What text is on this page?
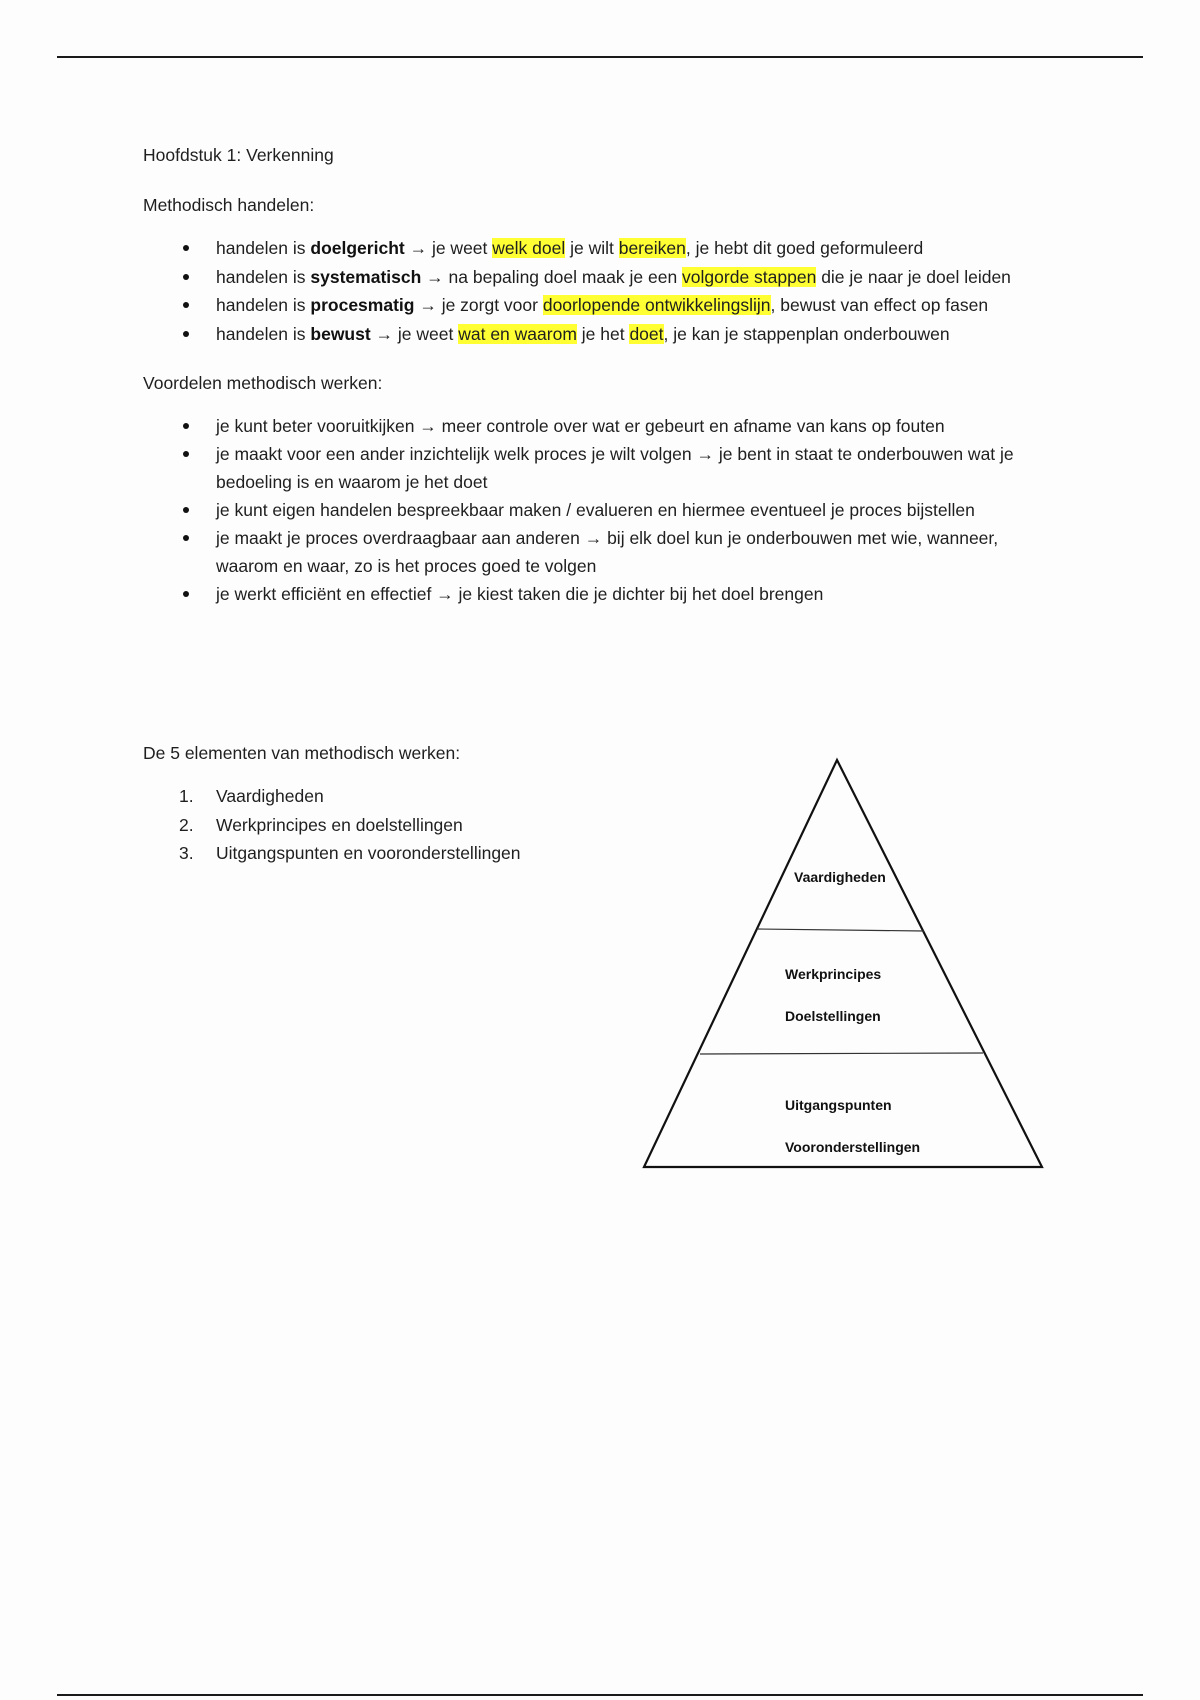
Hoofdstuk 1: Verkenning

Methodisch handelen:

handelen is doelgericht → je weet welk doel je wilt bereiken, je hebt dit goed geformuleerd
handelen is systematisch → na bepaling doel maak je een volgorde stappen die je naar je doel leiden
handelen is procesmatig → je zorgt voor doorlopende ontwikkelingslijn, bewust van effect op fasen
handelen is bewust → je weet wat en waarom je het doet, je kan je stappenplan onderbouwen

Voordelen methodisch werken:

je kunt beter vooruitkijken → meer controle over wat er gebeurt en afname van kans op fouten
je maakt voor een ander inzichtelijk welk proces je wilt volgen → je bent in staat te onderbouwen wat je bedoeling is en waarom je het doet
je kunt eigen handelen bespreekbaar maken / evalueren en hiermee eventueel je proces bijstellen
je maakt je proces overdraagbaar aan anderen → bij elk doel kun je onderbouwen met wie, wanneer, waarom en waar, zo is het proces goed te volgen
je werkt efficiënt en effectief → je kiest taken die je dichter bij het doel brengen

De 5 elementen van methodisch werken:

1. Vaardigheden
2. Werkprincipes en doelstellingen
3. Uitgangspunten en vooronderstellingen
Vaardigheden
Werkprincipes
Doelstellingen
Uitgangspunten
Vooronderstellingen
